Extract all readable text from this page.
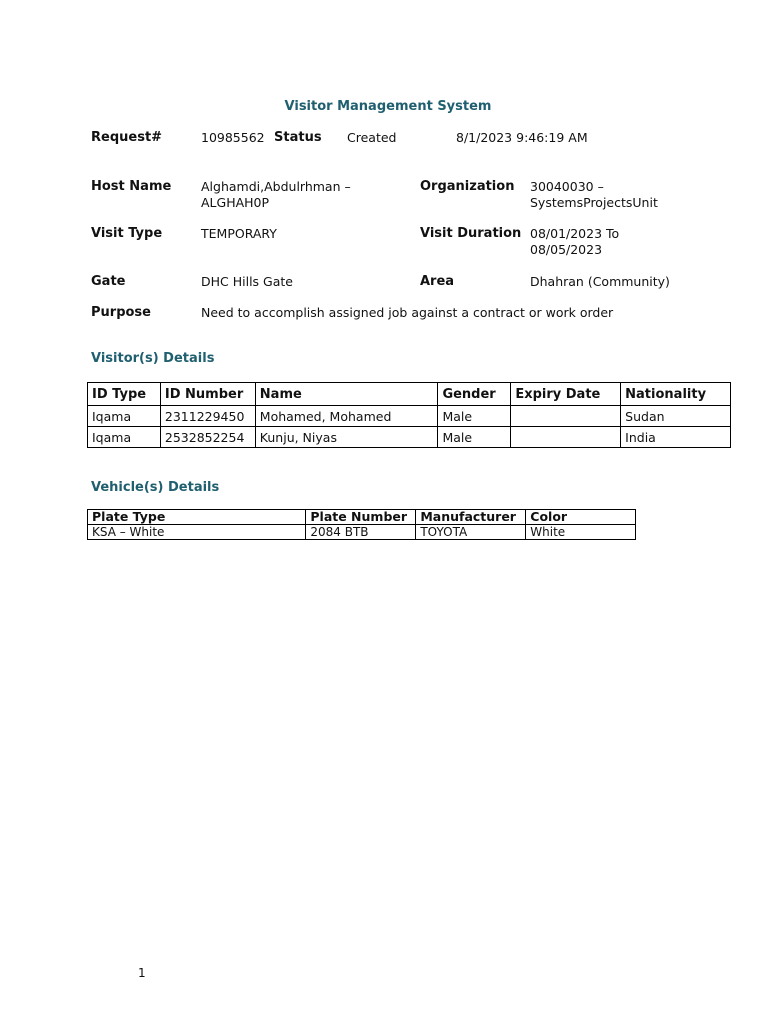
Visitor Management System
Request#	10985562 Status Created	8/1/2023 9:46:19 AM
Host Name Alghamdi,Abdulrhman –
ALGHAH0P
Organization 30040030 –
SystemsProjectsUnit
Visit Type	TEMPORARY	Visit Duration 08/01/2023 To
08/05/2023
Gate	DHC Hills Gate	Area	Dhahran (Community)
Purpose	Need to accomplish assigned job against a contract or work order
Visitor(s) Details
ID Type	ID Number	Name	Gender	Expiry Date	Nationality
Iqama	2311229450	Mohamed, Mohamed	Male		Sudan
Iqama	2532852254	Kunju, Niyas	Male		India
Vehicle(s) Details
Plate Type	Plate Number	Manufacturer	Color
KSA – White	2084 BTB	TOYOTA	White
1
